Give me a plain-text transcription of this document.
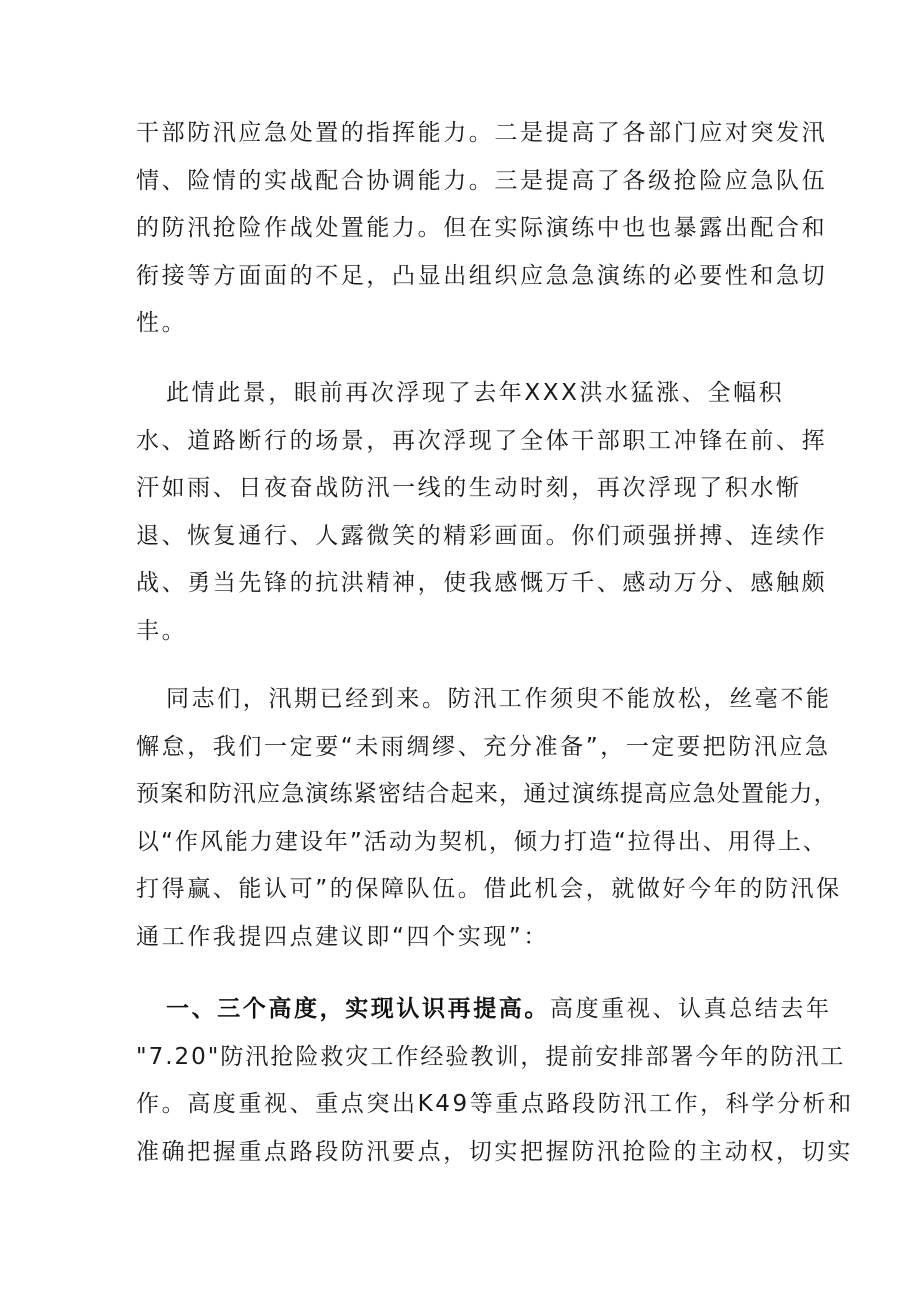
干部防汛应急处置的指挥能力。二是提高了各部门应对突发汛
情、险情的实战配合协调能力。三是提高了各级抢险应急队伍
的防汛抢险作战处置能力。但在实际演练中也也暴露出配合和
衔接等方面面的不足，凸显出组织应急急演练的必要性和急切
性。
此情此景，眼前再次浮现了去年XXX洪水猛涨、全幅积
水、道路断行的场景，再次浮现了全体干部职工冲锋在前、挥
汗如雨、日夜奋战防汛一线的生动时刻，再次浮现了积水惭
退、恢复通行、人露微笑的精彩画面。你们顽强拼搏、连续作
战、勇当先锋的抗洪精神，使我感慨万千、感动万分、感触颇
丰。
同志们，汛期已经到来。防汛工作须臾不能放松，丝毫不能
懈怠，我们一定要“未雨绸缪、充分准备”，一定要把防汛应急
预案和防汛应急演练紧密结合起来，通过演练提高应急处置能力，
以“作风能力建设年”活动为契机，倾力打造“拉得出、用得上、
打得赢、能认可”的保障队伍。借此机会，就做好今年的防汛保
通工作我提四点建议即“四个实现”：
一、三个高度，实现认识再提高。高度重视、认真总结去年
"7.20"防汛抢险救灾工作经验教训，提前安排部署今年的防汛工
作。高度重视、重点突出K49等重点路段防汛工作，科学分析和
准确把握重点路段防汛要点，切实把握防汛抢险的主动权，切实
